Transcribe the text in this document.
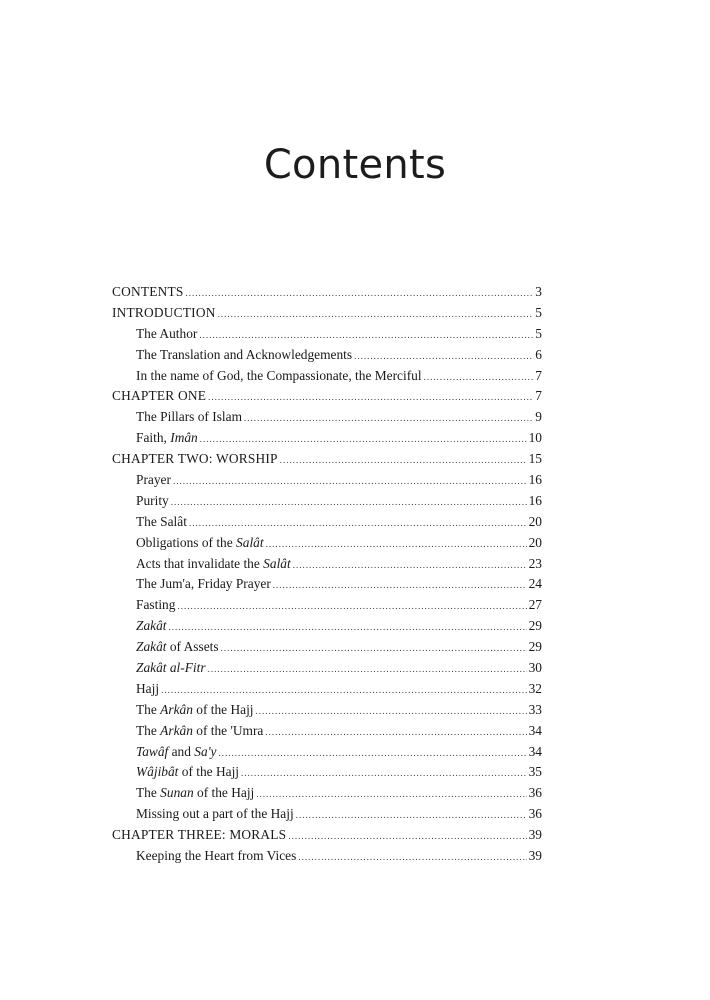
Contents
CONTENTS .....	3
INTRODUCTION .....	5
The Author .....	5
The Translation and Acknowledgements .....	6
In the name of God, the Compassionate, the Merciful .....	7
CHAPTER ONE .....	7
The Pillars of Islam .....	9
Faith, Imân .....	10
CHAPTER TWO: WORSHIP .....	15
Prayer .....	16
Purity .....	16
The Salât .....	20
Obligations of the Salât .....	20
Acts that invalidate the Salât .....	23
The Jum'a, Friday Prayer .....	24
Fasting .....	27
Zakât .....	29
Zakât of Assets .....	29
Zakât al-Fitr .....	30
Hajj .....	32
The Arkân of the Hajj .....	33
The Arkân of the 'Umra .....	34
Tawâf and Sa'y .....	34
Wâjibât of the Hajj .....	35
The Sunan of the Hajj .....	36
Missing out a part of the Hajj .....	36
CHAPTER THREE: MORALS .....	39
Keeping the Heart from Vices .....	39
